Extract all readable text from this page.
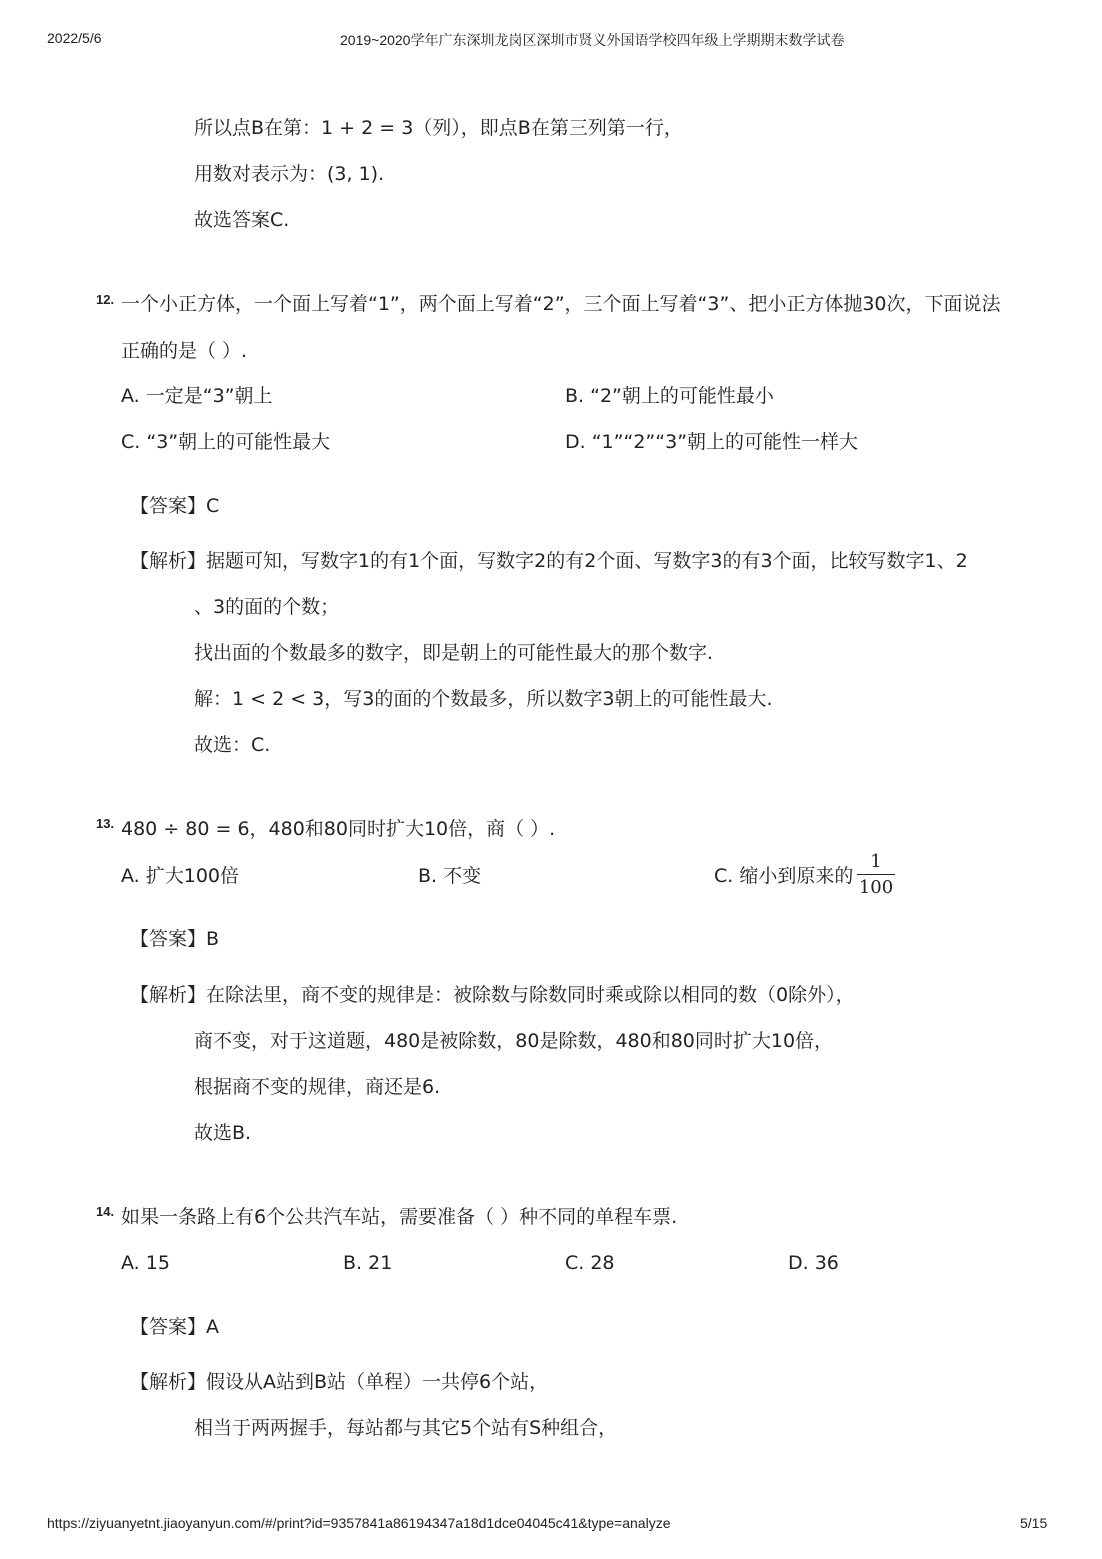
2022/5/6	2019~2020学年广东深圳龙岗区深圳市贤义外国语学校四年级上学期期末数学试卷
所以点B在第：1 + 2 = 3（列），即点B在第三列第一行，
用数对表示为：(3, 1).
故选答案C.
12. 一个小正方体，一个面上写着“1”，两个面上写着“2”，三个面上写着“3”、把小正方体抛30次，下面说法
正确的是（ ）.
A. 一定是“3”朝上	B. “2”朝上的可能性最小
C. “3”朝上的可能性最大	D. “1”“2”“3”朝上的可能性一样大
【答案】C
【解析】据题可知，写数字1的有1个面，写数字2的有2个面、写数字3的有3个面，比较写数字1、2
、3的面的个数；
找出面的个数最多的数字，即是朝上的可能性最大的那个数字.
解：1 < 2 < 3，写3的面的个数最多，所以数字3朝上的可能性最大.
故选：C.
13. 480 ÷ 80 = 6，480和80同时扩大10倍，商（ ）.
A. 扩大100倍	B. 不变	C. 缩小到原来的
1
100
【答案】B
【解析】在除法里，商不变的规律是：被除数与除数同时乘或除以相同的数（0除外），
商不变，对于这道题，480是被除数，80是除数，480和80同时扩大10倍，
根据商不变的规律，商还是6.
故选B.
14. 如果一条路上有6个公共汽车站，需要准备（ ）种不同的单程车票.
A. 15	B. 21	C. 28	D. 36
【答案】A
【解析】假设从A站到B站（单程）一共停6个站，
相当于两两握手，每站都与其它5个站有S种组合，
https://ziyuanyetnt.jiaoyanyun.com/#/print?id=9357841a86194347a18d1dce04045c41&type=analyze	5/15
